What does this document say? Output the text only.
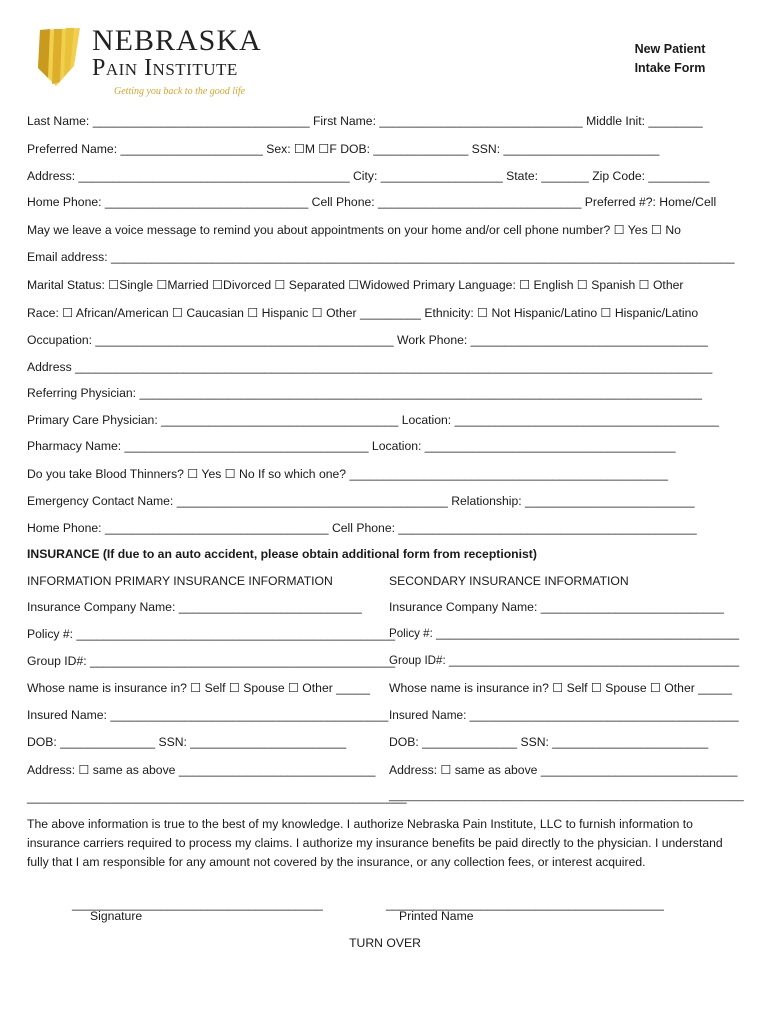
NEBRASKA
Pain Institute
Getting you back to the good life
New Patient
Intake Form
Last Name: ________________________________ First Name: ______________________________ Middle Init: ________
Preferred Name: _____________________ Sex: ☐M ☐F DOB: ______________ SSN: _______________________
Address: ________________________________________ City: __________________ State: _______ Zip Code: _________
Home Phone: ______________________________ Cell Phone: ______________________________ Preferred #?: Home/Cell
May we leave a voice message to remind you about appointments on your home and/or cell phone number? ☐ Yes ☐ No
Email address: ____________________________________________________________________________________________
Marital Status: ☐Single ☐Married ☐Divorced ☐ Separated ☐Widowed Primary Language: ☐ English ☐ Spanish ☐ Other
Race: ☐ African/American ☐ Caucasian ☐ Hispanic ☐ Other _________ Ethnicity: ☐ Not Hispanic/Latino ☐ Hispanic/Latino
Occupation: ____________________________________________ Work Phone: ___________________________________
Address ______________________________________________________________________________________________
Referring Physician: ___________________________________________________________________________________
Primary Care Physician: ___________________________________ Location: _______________________________________
Pharmacy Name: ____________________________________ Location: _____________________________________
Do you take Blood Thinners? ☐ Yes ☐ No If so which one? _______________________________________________
Emergency Contact Name: ________________________________________ Relationship: _________________________
Home Phone: _________________________________ Cell Phone: ____________________________________________
INSURANCE (If due to an auto accident, please obtain additional form from receptionist)
INFORMATION PRIMARY INSURANCE INFORMATION
Insurance Company Name: ___________________________
Policy #: _______________________________________________
Group ID#: _____________________________________________
Whose name is insurance in? ☐ Self ☐ Spouse ☐ Other _____
Insured Name: _________________________________________
DOB: ______________ SSN: _______________________
Address: ☐ same as above _____________________________
________________________________________________________
SECONDARY INSURANCE INFORMATION
Insurance Company Name: ___________________________
Policy #: _______________________________________________
Group ID#: _____________________________________________
Whose name is insurance in? ☐ Self ☐ Spouse ☐ Other _____
Insured Name: _________________________________________
DOB: ______________ SSN: _______________________
Address: ☐ same as above _____________________________
________________________________________________________
The above information is true to the best of my knowledge. I authorize Nebraska Pain Institute, LLC to furnish information to insurance carriers required to process my claims. I authorize my insurance benefits be paid directly to the physician. I understand fully that I am responsible for any amount not covered by the insurance, or any collection fees, or interest acquired.
_____________________________________	_________________________________________
Signature	Printed Name
TURN OVER
